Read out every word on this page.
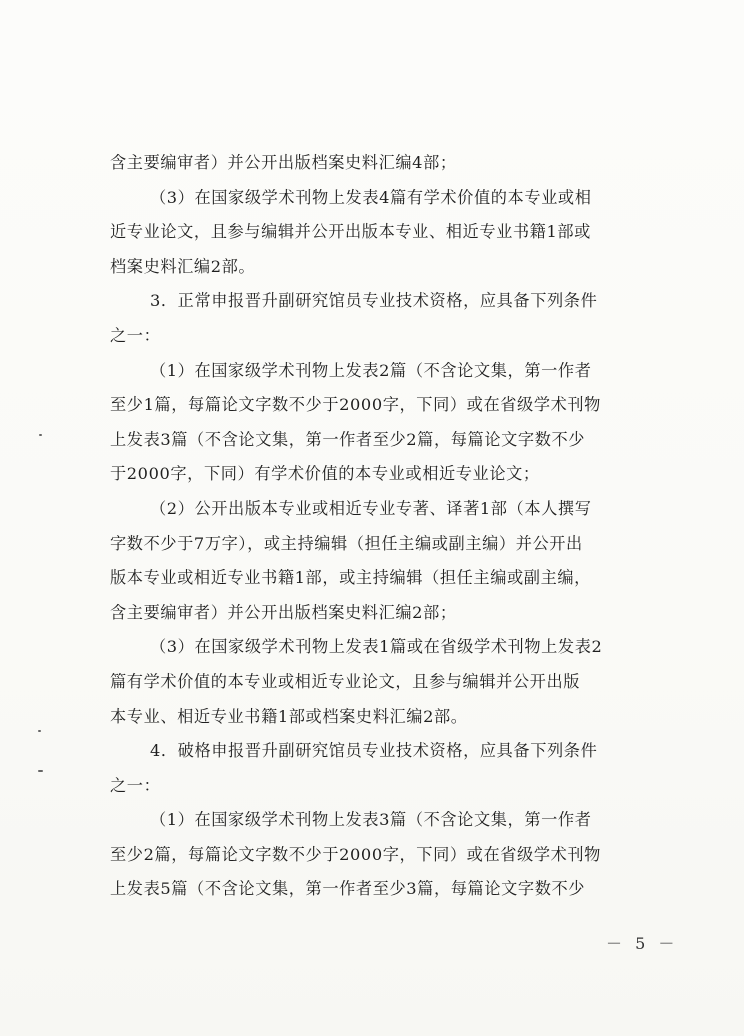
含主要编审者）并公开出版档案史料汇编4部；
（3）在国家级学术刊物上发表4篇有学术价值的本专业或相
近专业论文，且参与编辑并公开出版本专业、相近专业书籍1部或
档案史料汇编2部。
3．正常申报晋升副研究馆员专业技术资格，应具备下列条件
之一：
（1）在国家级学术刊物上发表2篇（不含论文集，第一作者
至少1篇，每篇论文字数不少于2000字，下同）或在省级学术刊物
上发表3篇（不含论文集，第一作者至少2篇，每篇论文字数不少
于2000字，下同）有学术价值的本专业或相近专业论文；
（2）公开出版本专业或相近专业专著、译著1部（本人撰写
字数不少于7万字），或主持编辑（担任主编或副主编）并公开出
版本专业或相近专业书籍1部，或主持编辑（担任主编或副主编，
含主要编审者）并公开出版档案史料汇编2部；
（3）在国家级学术刊物上发表1篇或在省级学术刊物上发表2
篇有学术价值的本专业或相近专业论文，且参与编辑并公开出版
本专业、相近专业书籍1部或档案史料汇编2部。
4．破格申报晋升副研究馆员专业技术资格，应具备下列条件
之一：
（1）在国家级学术刊物上发表3篇（不含论文集，第一作者
至少2篇，每篇论文字数不少于2000字，下同）或在省级学术刊物
上发表5篇（不含论文集，第一作者至少3篇，每篇论文字数不少
－ 5 －
